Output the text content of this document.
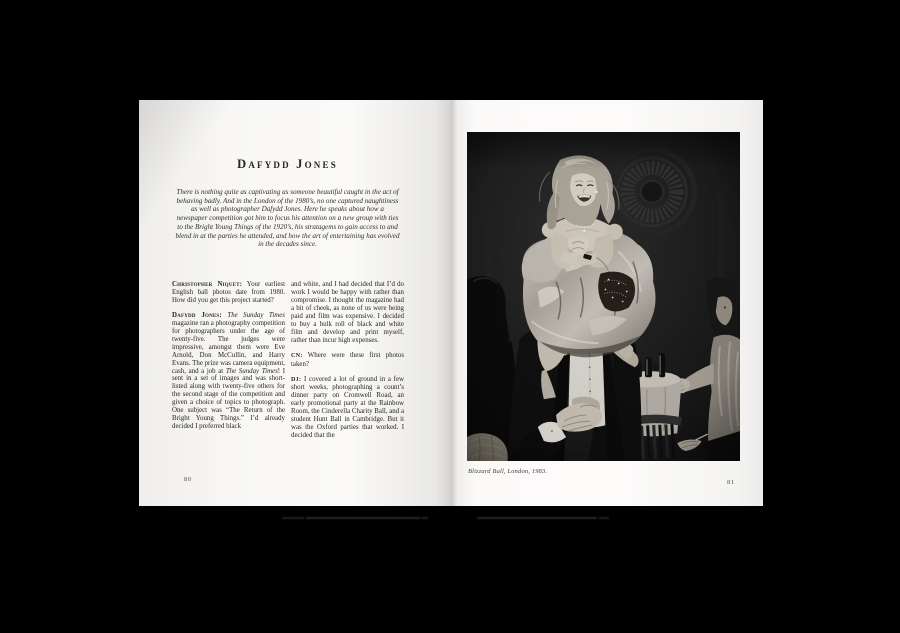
Dafydd Jones

There is nothing quite as captivating as someone beautiful caught in the act of behaving badly. And in the London of the 1980’s, no one captured naughtiness as well as photographer Dafydd Jones. Here he speaks about how a newspaper competition got him to focus his attention on a new group with ties to the Bright Young Things of the 1920’s, his stratagems to gain access to and blend in at the parties he attended, and how the art of entertaining has evolved in the decades since.

Christopher Niquet: Your earliest English ball photos date from 1980. How did you get this project started?

Dafydd Jones: The Sunday Times magazine ran a photography competition for photographers under the age of twenty-five. The judges were impressive, amongst them were Eve Arnold, Don McCullin, and Harry Evans. The prize was camera equipment, cash, and a job at The Sunday Times! I sent in a set of images and was short-listed along with twenty-five others for the second stage of the competition and given a choice of topics to photograph. One subject was “The Return of the Bright Young Things.” I’d already decided I preferred black

and white, and I had decided that I’d do work I would be happy with rather than compromise. I thought the magazine had a bit of cheek, as none of us were being paid and film was expensive. I decided to buy a bulk roll of black and white film and develop and print myself, rather than incur high expenses.

CN: Where were these first photos taken?

DJ: I covered a lot of ground in a few short weeks, photographing a count’s dinner party on Cromwell Road, an early promotional party at the Rainbow Room, the Cinderella Charity Ball, and a student Hunt Ball in Cambridge. But it was the Oxford parties that worked. I decided that the

80
Blizzard Ball, London, 1983.
81
